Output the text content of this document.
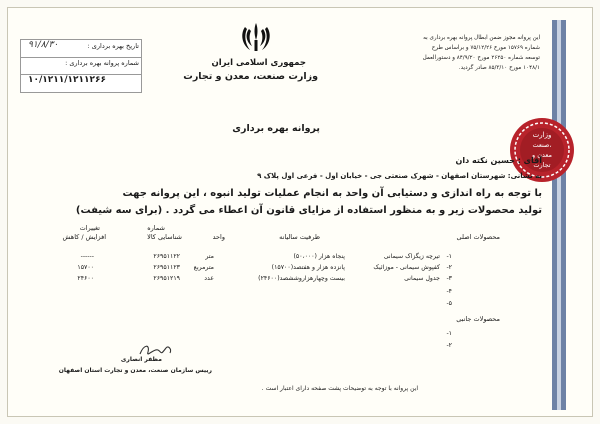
جمهوری اسلامی ایران
وزارت صنعت، معدن و تجارت
تاریخ بهره برداری :
۹۱/۸/۳۰
شماره پروانه بهره برداری :
۱۰/۱۲۱۱/۱۲۱۱۲۶۶
این پروانه مجوز ضمن ابطال پروانه بهره برداری به
شماره ۱۵۷۶۹ مورخ ۷۵/۱۲/۲۶ و براساس طرح
توسعه شماره ۲۶۲۵۰ مورخ ۸۴/۹/۲۰ و دستورالعمل
۱۰۴۸/۱ مورخ ۸۵/۳/۱۰ صادر گردید.
پروانه بهره برداری
وزارت
صنعت،
معدن و
تجارت
آقای : حسین نکته دان
به نشانی: شهرستان اصفهان - شهرک صنعتی جی - خیابان اول - فرعی اول پلاک ۹
با توجه به راه اندازی و دستیابی آن واحد به انجام عملیات تولید انبوه ، این پروانه جهت
تولید محصولات زیر و به منظور استفاده از مزایای قانون آن اعطاء می گردد . (برای سه شیفت)
محصولات اصلی
ظرفیت سالیانه
واحد
شماره
شناسایی کالا
تغییرات
افزایش / کاهش
۱-
تیرچه زیگزاک سیمانی
پنجاه هزار (۵۰،۰۰۰)
متر
۲۶۹۵۱۱۲۲
------
۲-
کفپوش سیمانی - موزائیک
پانزده هزار و هفتصد(۱۵۷۰۰)
مترمربع
۲۶۹۵۱۱۲۳
۱۵۷۰۰
۳-
جدول سیمانی
بیست وچهارهزاروششصد(۲۴۶۰۰)
عدد
۲۶۹۵۱۲۱۹
۲۴۶۰۰
۴-
۵-
محصولات جانبی
۱-
۲-
مظفر انصاری
رییس سازمان صنعت، معدن و تجارت استان اصفهان
این پروانه با توجه به توضیحات پشت صفحه دارای اعتبار است .
